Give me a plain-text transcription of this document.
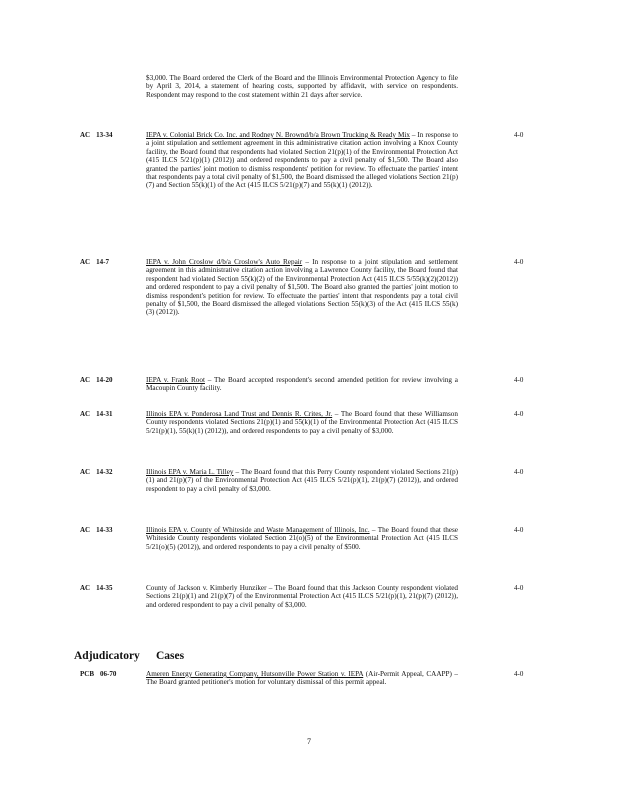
$3,000. The Board ordered the Clerk of the Board and the Illinois Environmental Protection Agency to file by April 3, 2014, a statement of hearing costs, supported by affidavit, with service on respondents. Respondent may respond to the cost statement within 21 days after service.
AC 13-34	IEPA v. Colonial Brick Co. Inc. and Rodney N. Brownd/b/a Brown Trucking & Ready Mix – In response to a joint stipulation and settlement agreement in this administrative citation action involving a Knox County facility, the Board found that respondents had violated Section 21(p)(1) of the Environmental Protection Act (415 ILCS 5/21(p)(1) (2012)) and ordered respondents to pay a civil penalty of $1,500. The Board also granted the parties' joint motion to dismiss respondents' petition for review. To effectuate the parties' intent that respondents pay a total civil penalty of $1,500, the Board dismissed the alleged violations Section 21(p)(7) and Section 55(k)(1) of the Act (415 ILCS 5/21(p)(7) and 55(k)(1) (2012)).
4-0
AC 14-7	IEPA v. John Croslow d/b/a Croslow's Auto Repair – In response to a joint stipulation and settlement agreement in this administrative citation action involving a Lawrence County facility, the Board found that respondent had violated Section 55(k)(2) of the Environmental Protection Act (415 ILCS 5/55(k)(2)(2012)) and ordered respondent to pay a civil penalty of $1,500. The Board also granted the parties' joint motion to dismiss respondent's petition for review. To effectuate the parties' intent that respondents pay a total civil penalty of $1,500, the Board dismissed the alleged violations Section 55(k)(3) of the Act (415 ILCS 55(k)(3) (2012)).
4-0
AC 14-20	IEPA v. Frank Root – The Board accepted respondent's second amended petition for review involving a Macoupin County facility.
4-0
AC 14-31	Illinois EPA v. Ponderosa Land Trust and Dennis R. Crites, Jr. – The Board found that these Williamson County respondents violated Sections 21(p)(1) and 55(k)(1) of the Environmental Protection Act (415 ILCS 5/21(p)(1), 55(k)(1) (2012)), and ordered respondents to pay a civil penalty of $3,000.
4-0
AC 14-32	Illinois EPA v. Maria L. Tilley – The Board found that this Perry County respondent violated Sections 21(p)(1) and 21(p)(7) of the Environmental Protection Act (415 ILCS 5/21(p)(1), 21(p)(7) (2012)), and ordered respondent to pay a civil penalty of $3,000.
4-0
AC 14-33	Illinois EPA v. County of Whiteside and Waste Management of Illinois, Inc. – The Board found that these Whiteside County respondents violated Section 21(o)(5) of the Environmental Protection Act (415 ILCS 5/21(o)(5) (2012)), and ordered respondents to pay a civil penalty of $500.
4-0
AC 14-35	County of Jackson v. Kimberly Hunziker – The Board found that this Jackson County respondent violated Sections 21(p)(1) and 21(p)(7) of the Environmental Protection Act (415 ILCS 5/21(p)(1), 21(p)(7) (2012)), and ordered respondent to pay a civil penalty of $3,000.
4-0
Adjudicatory Cases
PCB 06-70	Ameren Energy Generating Company, Hutsonville Power Station v. IEPA (Air-Permit Appeal, CAAPP) – The Board granted petitioner's motion for voluntary dismissal of this permit appeal.
4-0
7
